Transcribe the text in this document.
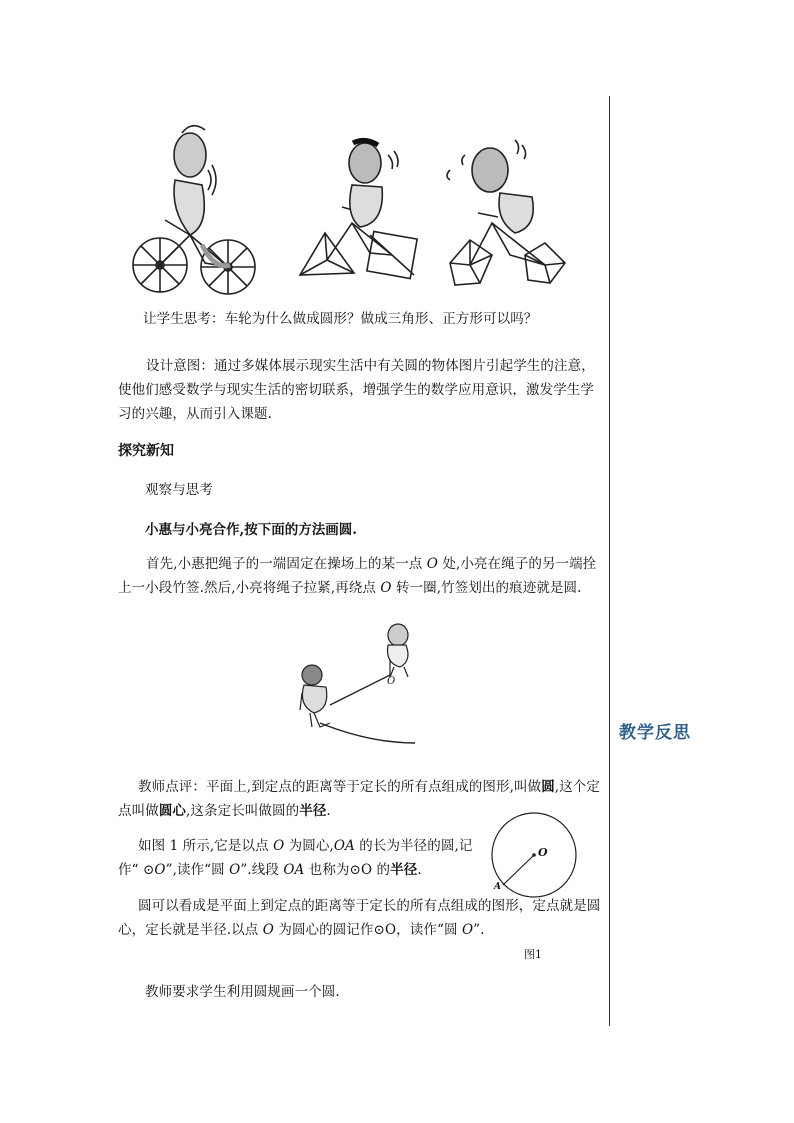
让学生思考：车轮为什么做成圆形？做成三角形、正方形可以吗？

设计意图：通过多媒体展示现实生活中有关圆的物体图片引起学生的注意，使他们感受数学与现实生活的密切联系，增强学生的数学应用意识，激发学生学习的兴趣，从而引入课题.

探究新知

观察与思考

小惠与小亮合作,按下面的方法画圆.

首先,小惠把绳子的一端固定在操场上的某一点 O 处,小亮在绳子的另一端拴上一小段竹签.然后,小亮将绳子拉紧,再绕点 O 转一圈,竹签划出的痕迹就是圆.

O

教师点评：平面上,到定点的距离等于定长的所有点组成的图形,叫做圆,这个定点叫做圆心,这条定长叫做圆的半径.

如图 1 所示,它是以点 O 为圆心,OA 的长为半径的圆,记作“ ⊙O”,读作“圆 O”.线段 OA 也称为⊙O 的半径.

圆可以看成是平面上到定点的距离等于定长的所有点组成的图形，定点就是圆心，定长就是半径.以点 O 为圆心的圆记作⊙O，读作“圆 O”.

O
A
图1

教师要求学生利用圆规画一个圆.

教学反思
